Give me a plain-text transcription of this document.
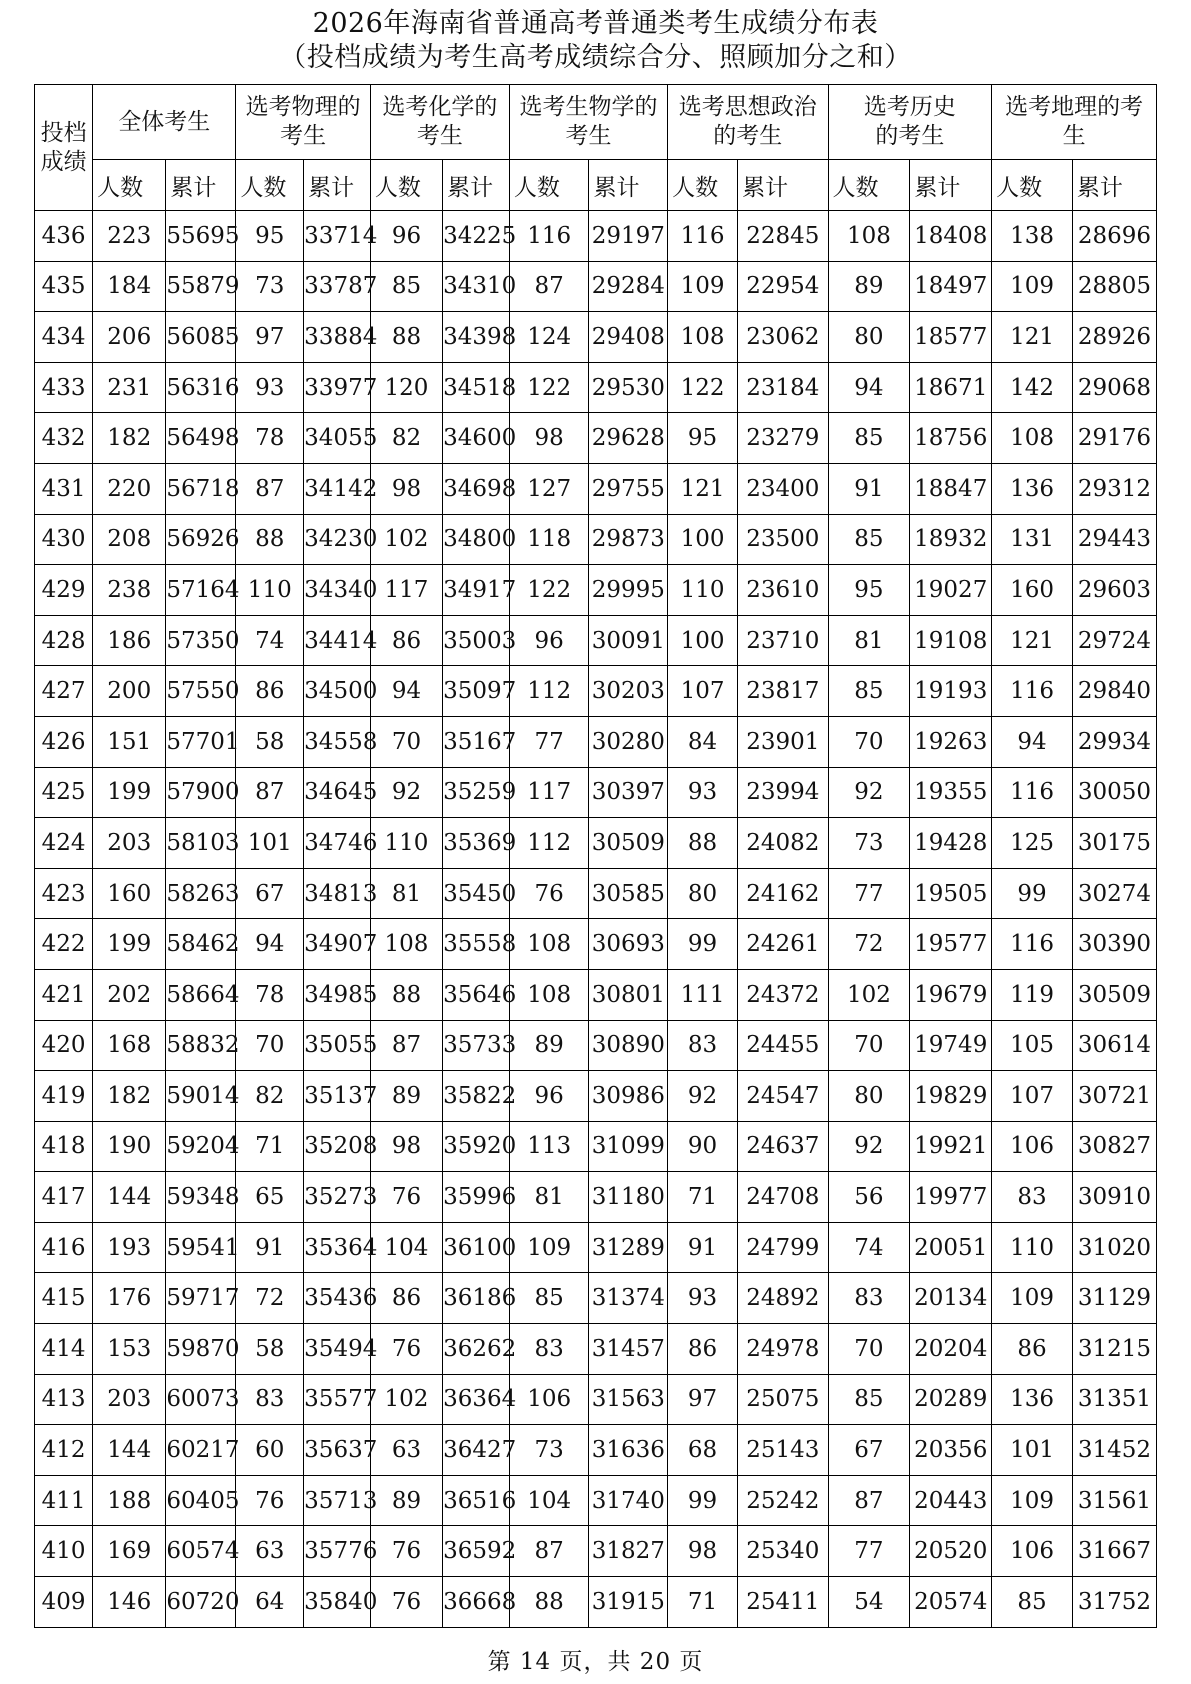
2026年海南省普通高考普通类考生成绩分布表
（投档成绩为考生高考成绩综合分、照顾加分之和）
投档成绩	全体考生		选考物理的考生		选考化学的考生		选考生物学的考生		选考思想政治的考生		选考历史　　的考生		选考地理的考生	
	人数	累计	人数	累计	人数	累计	人数	累计	人数	累计	人数	累计	人数	累计
436	223	55695	95	33714	96	34225	116	29197	116	22845	108	18408	138	28696
435	184	55879	73	33787	85	34310	87	29284	109	22954	89	18497	109	28805
434	206	56085	97	33884	88	34398	124	29408	108	23062	80	18577	121	28926
433	231	56316	93	33977	120	34518	122	29530	122	23184	94	18671	142	29068
432	182	56498	78	34055	82	34600	98	29628	95	23279	85	18756	108	29176
431	220	56718	87	34142	98	34698	127	29755	121	23400	91	18847	136	29312
430	208	56926	88	34230	102	34800	118	29873	100	23500	85	18932	131	29443
429	238	57164	110	34340	117	34917	122	29995	110	23610	95	19027	160	29603
428	186	57350	74	34414	86	35003	96	30091	100	23710	81	19108	121	29724
427	200	57550	86	34500	94	35097	112	30203	107	23817	85	19193	116	29840
426	151	57701	58	34558	70	35167	77	30280	84	23901	70	19263	94	29934
425	199	57900	87	34645	92	35259	117	30397	93	23994	92	19355	116	30050
424	203	58103	101	34746	110	35369	112	30509	88	24082	73	19428	125	30175
423	160	58263	67	34813	81	35450	76	30585	80	24162	77	19505	99	30274
422	199	58462	94	34907	108	35558	108	30693	99	24261	72	19577	116	30390
421	202	58664	78	34985	88	35646	108	30801	111	24372	102	19679	119	30509
420	168	58832	70	35055	87	35733	89	30890	83	24455	70	19749	105	30614
419	182	59014	82	35137	89	35822	96	30986	92	24547	80	19829	107	30721
418	190	59204	71	35208	98	35920	113	31099	90	24637	92	19921	106	30827
417	144	59348	65	35273	76	35996	81	31180	71	24708	56	19977	83	30910
416	193	59541	91	35364	104	36100	109	31289	91	24799	74	20051	110	31020
415	176	59717	72	35436	86	36186	85	31374	93	24892	83	20134	109	31129
414	153	59870	58	35494	76	36262	83	31457	86	24978	70	20204	86	31215
413	203	60073	83	35577	102	36364	106	31563	97	25075	85	20289	136	31351
412	144	60217	60	35637	63	36427	73	31636	68	25143	67	20356	101	31452
411	188	60405	76	35713	89	36516	104	31740	99	25242	87	20443	109	31561
410	169	60574	63	35776	76	36592	87	31827	98	25340	77	20520	106	31667
409	146	60720	64	35840	76	36668	88	31915	71	25411	54	20574	85	31752
第 14 页，共 20 页
